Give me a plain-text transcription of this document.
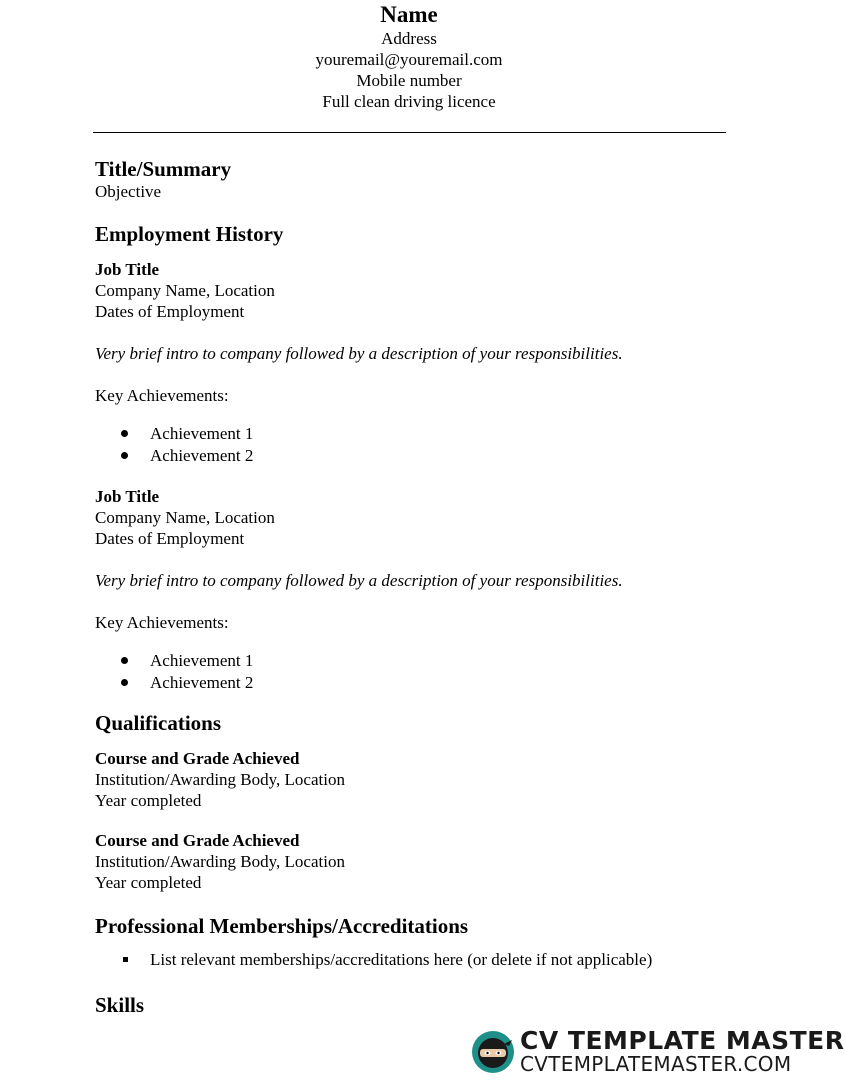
Name
Address
youremail@youremail.com
Mobile number
Full clean driving licence
Title/Summary

Objective

Employment History

Job Title

Company Name, Location

Dates of Employment

Very brief intro to company followed by a description of your responsibilities.

Key Achievements:

Achievement 1
Achievement 2

Job Title

Company Name, Location

Dates of Employment

Very brief intro to company followed by a description of your responsibilities.

Key Achievements:

Achievement 1
Achievement 2
Qualifications

Course and Grade Achieved

Institution/Awarding Body, Location

Year completed

Course and Grade Achieved

Institution/Awarding Body, Location

Year completed

Professional Memberships/Accreditations
List relevant memberships/accreditations here (or delete if not applicable)
Skills
CV TEMPLATE MASTER
CVTEMPLATEMASTER.COM
